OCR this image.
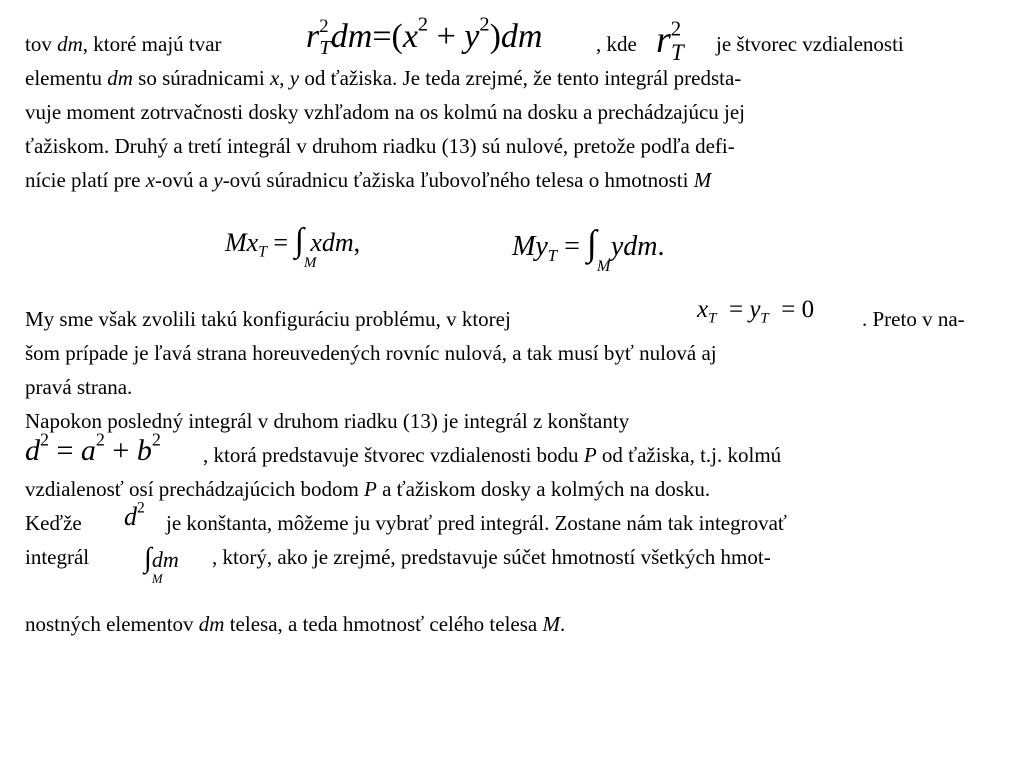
tov dm, ktoré majú tvar $r^2_Tdm=(x^2 + y^2)dm$	, kde $r^2_T$ je štvorec vzdialenosti
elementu dm so súradnicami x, y od ťažiska. Je teda zrejmé, že tento integrál predsta-
vuje moment zotrvačnosti dosky vzhľadom na os kolmú na dosku a prechádzajúcu jej
ťažiskom. Druhý a tretí integrál v druhom riadku (13) sú nulové, pretože podľa defi-
nície platí pre x-ovú a y-ovú súradnicu ťažiska ľubovoľného telesa o hmotnosti M
$Mx_T$ = ∫
M
xdm,	$My_T$ = ∫
M
ydm.
My sme však zvolili takú konfiguráciu problému, v ktorej	$x_T = y_T = 0$ . Preto v na-
šom prípade je ľavá strana horeuvedených rovníc nulová, a tak musí byť nulová aj
pravá strana.
Napokon posledný integrál v druhom riadku (13) je integrál z konštanty
$d^2 = a^2 + b^2$
, ktorá predstavuje štvorec vzdialenosti bodu P od ťažiska, t.j. kolmú
vzdialenosť osí prechádzajúcich bodom P a ťažiskom dosky a kolmých na dosku.
Keďže $d^2$
je konštanta, môžeme ju vybrať pred integrál. Zostane nám tak integrovať
integrál ∫
M
dm , ktorý, ako je zrejmé, predstavuje súčet hmotností všetkých hmot-
nostných elementov dm telesa, a teda hmotnosť celého telesa M.
